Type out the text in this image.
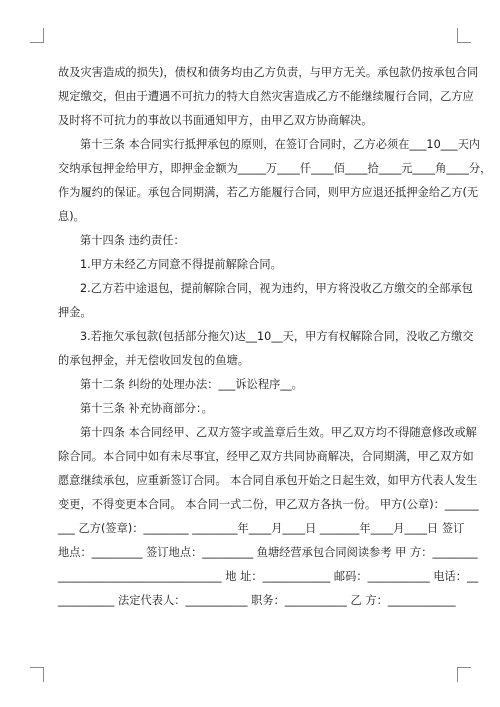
故及灾害造成的损失)，债权和债务均由乙方负责，与甲方无关。承包款仍按承包合同
规定缴交，但由于遭遇不可抗力的特大自然灾害造成乙方不能继续履行合同，乙方应
及时将不可抗力的事故以书面通知甲方，由甲乙双方协商解决。
第十三条 本合同实行抵押承包的原则，在签订合同时，乙方必须在___10___天内
交纳承包押金给甲方，即押金金额为_____万____仟____佰____拾____元____角____分，
作为履约的保证。承包合同期满，若乙方能履行合同，则甲方应退还抵押金给乙方(无
息)。
第十四条 违约责任：
1.甲方未经乙方同意不得提前解除合同。
2.乙方若中途退包，提前解除合同，视为违约，甲方将没收乙方缴交的全部承包
押金。
3.若拖欠承包款(包括部分拖欠)达__10__天，甲方有权解除合同，没收乙方缴交
的承包押金，并无偿收回发包的鱼塘。
第十二条 纠纷的处理办法：___诉讼程序__。
第十三条 补充协商部分：。
第十四条 本合同经甲、乙双方签字或盖章后生效。甲乙双方均不得随意修改或解
除合同。本合同中如有未尽事宜，经甲乙双方共同协商解决，合同期满，甲乙双方如
愿意继续承包，应重新签订合同。 本合同自承包开始之日起生效，如甲方代表人发生
变更，不得变更本合同。 本合同一式二份，甲乙双方各执一份。 甲方(公章)：______
___ 乙方(签章)：________ ________年____月____日 _______年____月____日 签订
地点：_________ 签订地点：_________ 鱼塘经营承包合同阅读参考 甲 方：________
_____________________________ 地 址：____________ 邮码：___________ 电话：__
__________ 法定代表人：___________ 职务：___________ 乙 方：____________
